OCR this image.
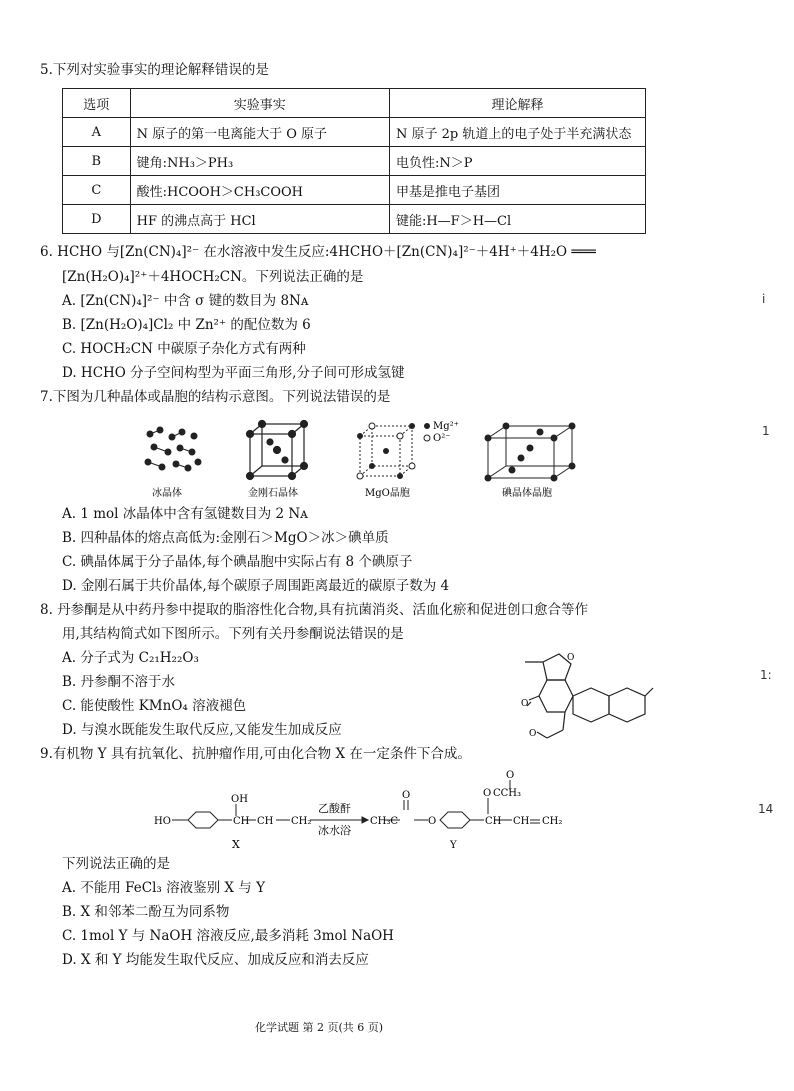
5.下列对实验事实的理论解释错误的是
选项	实验事实	理论解释
A	N 原子的第一电离能大于 O 原子	N 原子 2p 轨道上的电子处于半充满状态
B	键角:NH₃＞PH₃	电负性:N＞P
C	酸性:HCOOH＞CH₃COOH	甲基是推电子基团
D	HF 的沸点高于 HCl	键能:H—F＞H—Cl
6. HCHO 与[Zn(CN)₄]²⁻ 在水溶液中发生反应:4HCHO＋[Zn(CN)₄]²⁻＋4H⁺＋4H₂O ═══
[Zn(H₂O)₄]²⁺＋4HOCH₂CN。下列说法正确的是
A. [Zn(CN)₄]²⁻ 中含 σ 键的数目为 8Nᴀ
B. [Zn(H₂O)₄]Cl₂ 中 Zn²⁺ 的配位数为 6
C. HOCH₂CN 中碳原子杂化方式有两种
D. HCHO 分子空间构型为平面三角形,分子间可形成氢键
7.下图为几种晶体或晶胞的结构示意图。下列说法错误的是
Mg²⁺
O²⁻
冰晶体	金刚石晶体	MgO晶胞	碘晶体晶胞
A. 1 mol 冰晶体中含有氢键数目为 2 Nᴀ
B. 四种晶体的熔点高低为:金刚石＞MgO＞冰＞碘单质
C. 碘晶体属于分子晶体,每个碘晶胞中实际占有 8 个碘原子
D. 金刚石属于共价晶体,每个碳原子周围距离最近的碳原子数为 4
8. 丹参酮是从中药丹参中提取的脂溶性化合物,具有抗菌消炎、活血化瘀和促进创口愈合等作
用,其结构简式如下图所示。下列有关丹参酮说法错误的是
A. 分子式为 C₂₁H₂₂O₃
B. 丹参酮不溶于水
C. 能使酸性 KMnO₄ 溶液褪色
D. 与溴水既能发生取代反应,又能发生加成反应
O
O
O
9.有机物 Y 具有抗氧化、抗肿瘤作用,可由化合物 X 在一定条件下合成。
HO
OH
CH CH CH₂	CH₃C
O
O	CH CH CH₂
O CCH₃
O
乙酸酐
冰水浴
X	Y
下列说法正确的是
A. 不能用 FeCl₃ 溶液鉴别 X 与 Y
B. X 和邻苯二酚互为同系物
C. 1mol Y 与 NaOH 溶液反应,最多消耗 3mol NaOH
D. X 和 Y 均能发生取代反应、加成反应和消去反应
化学试题 第 2 页(共 6 页)
i
1
1:
14
